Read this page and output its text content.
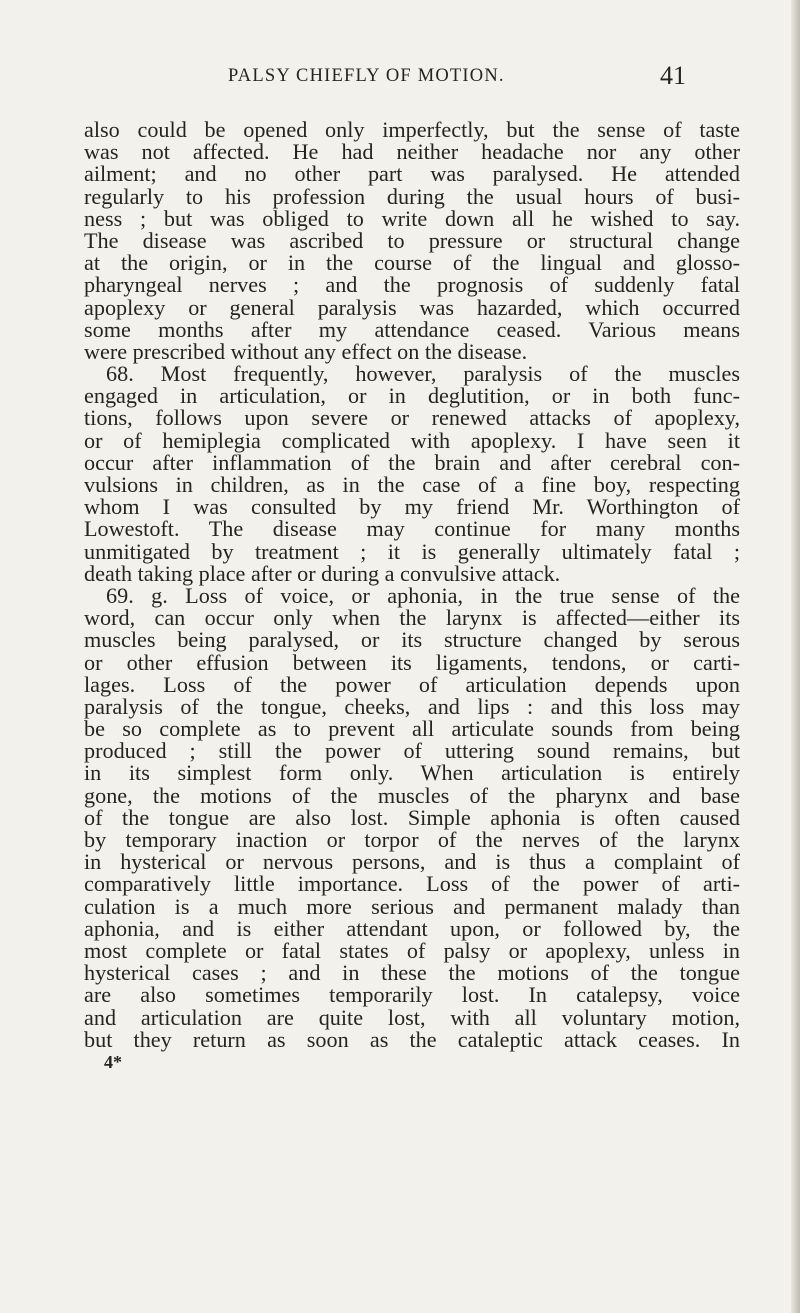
PALSY CHIEFLY OF MOTION.	41
also could be opened only imperfectly, but the sense of taste
was not affected. He had neither headache nor any other
ailment; and no other part was paralysed. He attended
regularly to his profession during the usual hours of busi-
ness ; but was obliged to write down all he wished to say.
The disease was ascribed to pressure or structural change
at the origin, or in the course of the lingual and glosso-
pharyngeal nerves ; and the prognosis of suddenly fatal
apoplexy or general paralysis was hazarded, which occurred
some months after my attendance ceased. Various means
were prescribed without any effect on the disease.
68. Most frequently, however, paralysis of the muscles
engaged in articulation, or in deglutition, or in both func-
tions, follows upon severe or renewed attacks of apoplexy,
or of hemiplegia complicated with apoplexy. I have seen it
occur after inflammation of the brain and after cerebral con-
vulsions in children, as in the case of a fine boy, respecting
whom I was consulted by my friend Mr. Worthington of
Lowestoft. The disease may continue for many months
unmitigated by treatment ; it is generally ultimately fatal ;
death taking place after or during a convulsive attack.
69. g. Loss of voice, or aphonia, in the true sense of the
word, can occur only when the larynx is affected—either its
muscles being paralysed, or its structure changed by serous
or other effusion between its ligaments, tendons, or carti-
lages. Loss of the power of articulation depends upon
paralysis of the tongue, cheeks, and lips : and this loss may
be so complete as to prevent all articulate sounds from being
produced ; still the power of uttering sound remains, but
in its simplest form only. When articulation is entirely
gone, the motions of the muscles of the pharynx and base
of the tongue are also lost. Simple aphonia is often caused
by temporary inaction or torpor of the nerves of the larynx
in hysterical or nervous persons, and is thus a complaint of
comparatively little importance. Loss of the power of arti-
culation is a much more serious and permanent malady than
aphonia, and is either attendant upon, or followed by, the
most complete or fatal states of palsy or apoplexy, unless in
hysterical cases ; and in these the motions of the tongue
are also sometimes temporarily lost. In catalepsy, voice
and articulation are quite lost, with all voluntary motion,
but they return as soon as the cataleptic attack ceases. In
4*
